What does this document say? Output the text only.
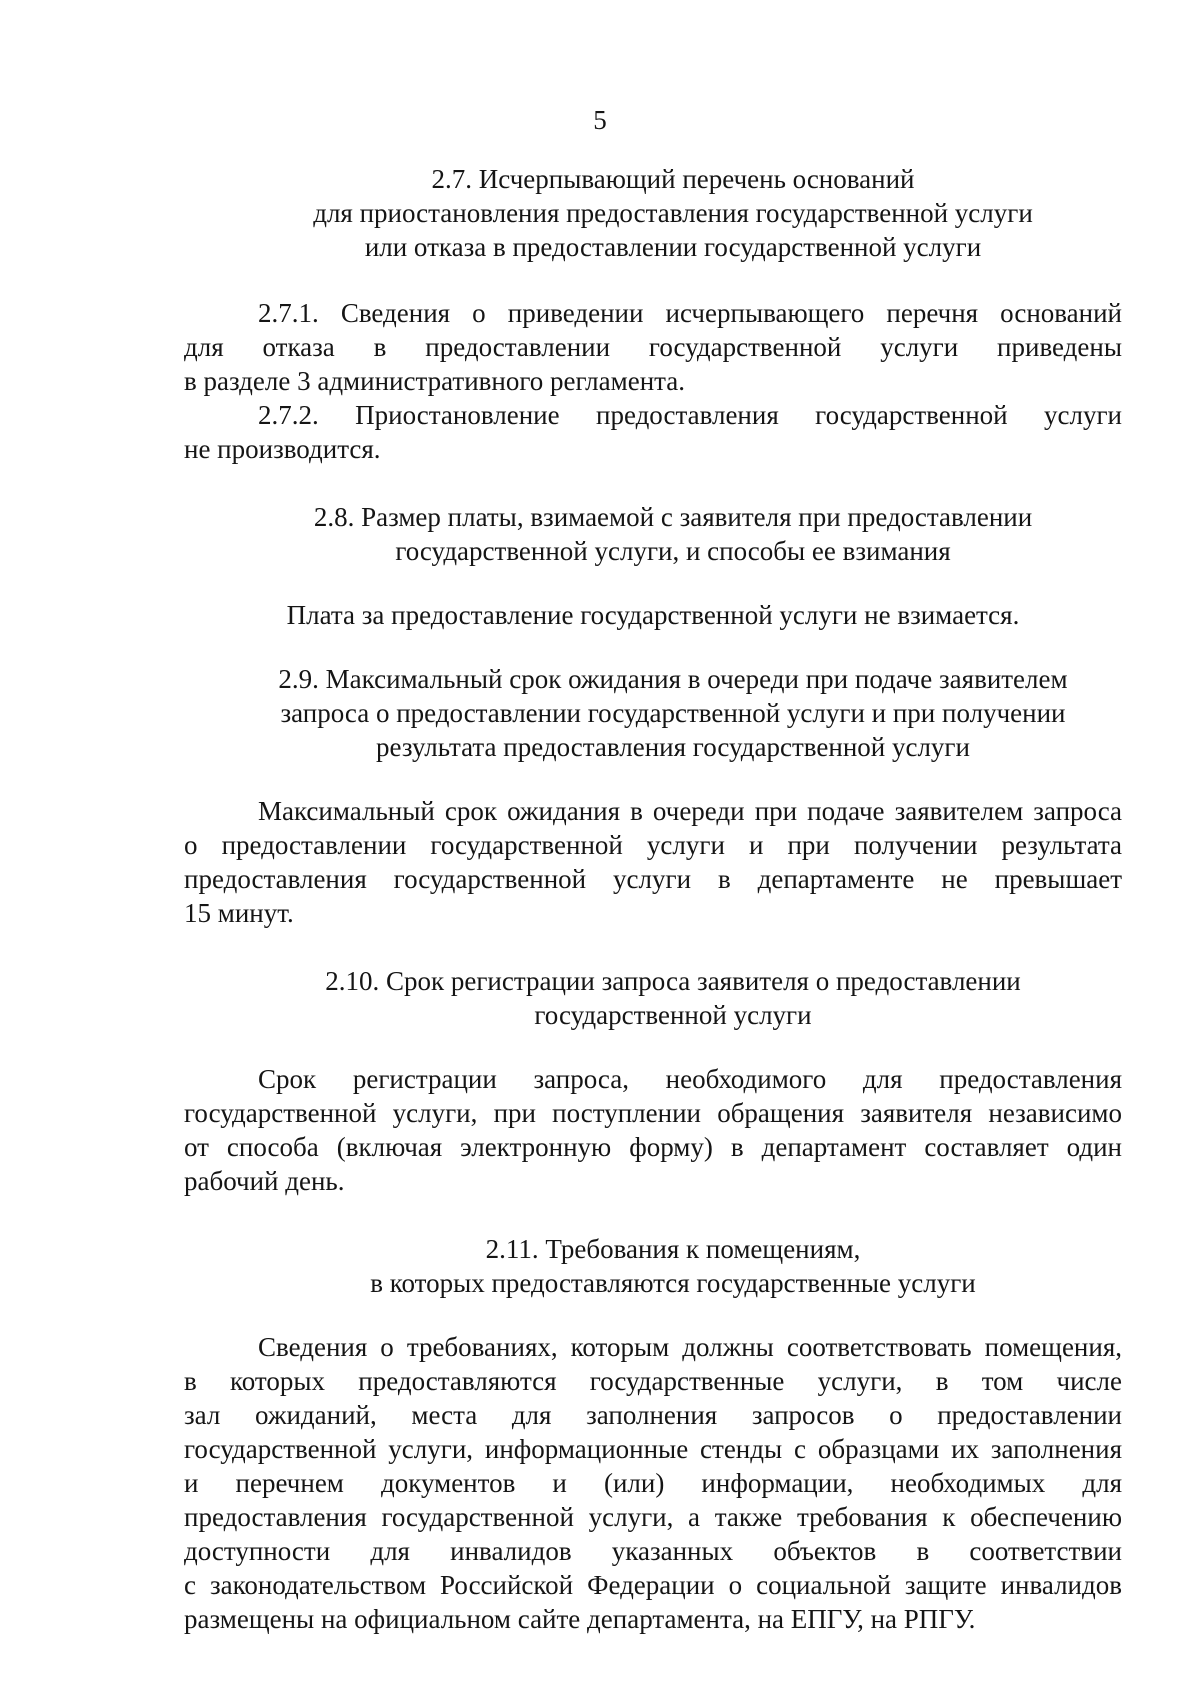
5
2.7. Исчерпывающий перечень оснований
для приостановления предоставления государственной услуги
или отказа в предоставлении государственной услуги
2.7.1. Сведения о приведении исчерпывающего перечня оснований
для отказа в предоставлении государственной услуги приведены
в разделе 3 административного регламента.
2.7.2. Приостановление предоставления государственной услуги
не производится.
2.8. Размер платы, взимаемой с заявителя при предоставлении
государственной услуги, и способы ее взимания
Плата за предоставление государственной услуги не взимается.
2.9. Максимальный срок ожидания в очереди при подаче заявителем
запроса о предоставлении государственной услуги и при получении
результата предоставления государственной услуги
Максимальный срок ожидания в очереди при подаче заявителем запроса
о предоставлении государственной услуги и при получении результата
предоставления государственной услуги в департаменте не превышает
15 минут.
2.10. Срок регистрации запроса заявителя о предоставлении
государственной услуги
Срок регистрации запроса, необходимого для предоставления
государственной услуги, при поступлении обращения заявителя независимо
от способа (включая электронную форму) в департамент составляет один
рабочий день.
2.11. Требования к помещениям,
в которых предоставляются государственные услуги
Сведения о требованиях, которым должны соответствовать помещения,
в которых предоставляются государственные услуги, в том числе
зал ожиданий, места для заполнения запросов о предоставлении
государственной услуги, информационные стенды с образцами их заполнения
и перечнем документов и (или) информации, необходимых для
предоставления государственной услуги, а также требования к обеспечению
доступности для инвалидов указанных объектов в соответствии
с законодательством Российской Федерации о социальной защите инвалидов
размещены на официальном сайте департамента, на ЕПГУ, на РПГУ.
